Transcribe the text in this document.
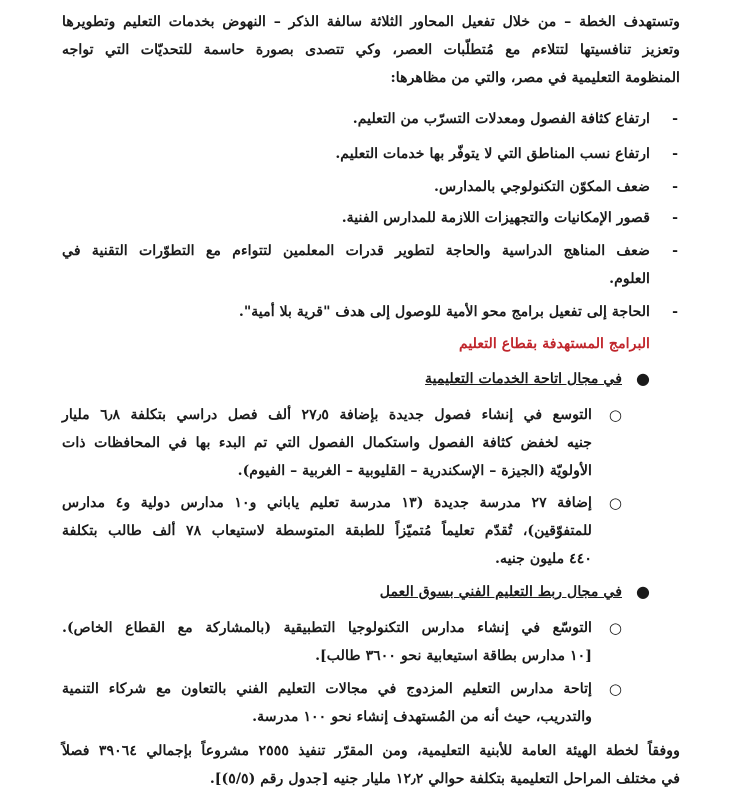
وتستهدف الخطة – من خلال تفعيل المحاور الثلاثة سالفة الذكر – النهوض بخدمات التعليم وتطويرها
وتعزيز تنافسيتها لتتلاءم مع مُتطلّبات العصر، وكي تتصدى بصورة حاسمة للتحديّات التي تواجه
المنظومة التعليمية في مصر، والتي من مظاهرها:
-
ارتفاع كثافة الفصول ومعدلات التسرّب من التعليم.
-
ارتفاع نسب المناطق التي لا يتوفّر بها خدمات التعليم.
-
ضعف المكوّن التكنولوجي بالمدارس.
-
قصور الإمكانيات والتجهيزات اللازمة للمدارس الفنية.
-
ضعف المناهج الدراسية والحاجة لتطوير قدرات المعلمين لتتواءم مع التطوّرات التقنية في
العلوم.
-
الحاجة إلى تفعيل برامج محو الأمية للوصول إلى هدف "قرية بلا أمية".
البرامج المستهدفة بقطاع التعليم
●
في مجال اتاحة الخدمات التعليمية
○
التوسع في إنشاء فصول جديدة بإضافة ٢٧٫٥ ألف فصل دراسي بتكلفة ٦٫٨ مليار
جنيه لخفض كثافة الفصول واستكمال الفصول التي تم البدء بها في المحافظات ذات
الأولويّة (الجيزة – الإسكندرية – القليوبية – الغربية – الفيوم).
○
إضافة ٢٧ مدرسة جديدة (١٣ مدرسة تعليم ياباني و١٠ مدارس دولية و٤ مدارس
للمتفوّقين)، تُقدّم تعليماً مُتميّزاً للطبقة المتوسطة لاستيعاب ٧٨ ألف طالب بتكلفة
٤٤٠ مليون جنيه.
●
في مجال ربط التعليم الفني بسوق العمل
○
التوسّع في إنشاء مدارس التكنولوجيا التطبيقية (بالمشاركة مع القطاع الخاص).
[١٠ مدارس بطاقة استيعابية نحو ٣٦٠٠ طالب].
○
إتاحة مدارس التعليم المزدوج في مجالات التعليم الفني بالتعاون مع شركاء التنمية
والتدريب، حيث أنه من المُستهدف إنشاء نحو ١٠٠ مدرسة.
ووفقاً لخطة الهيئة العامة للأبنية التعليمية، ومن المقرّر تنفيذ ٢٥٥٥ مشروعاً بإجمالي ٣٩٠٦٤ فصلاً
في مختلف المراحل التعليمية بتكلفة حوالي ١٢٫٢ مليار جنيه [جدول رقم (٥/٥)].
